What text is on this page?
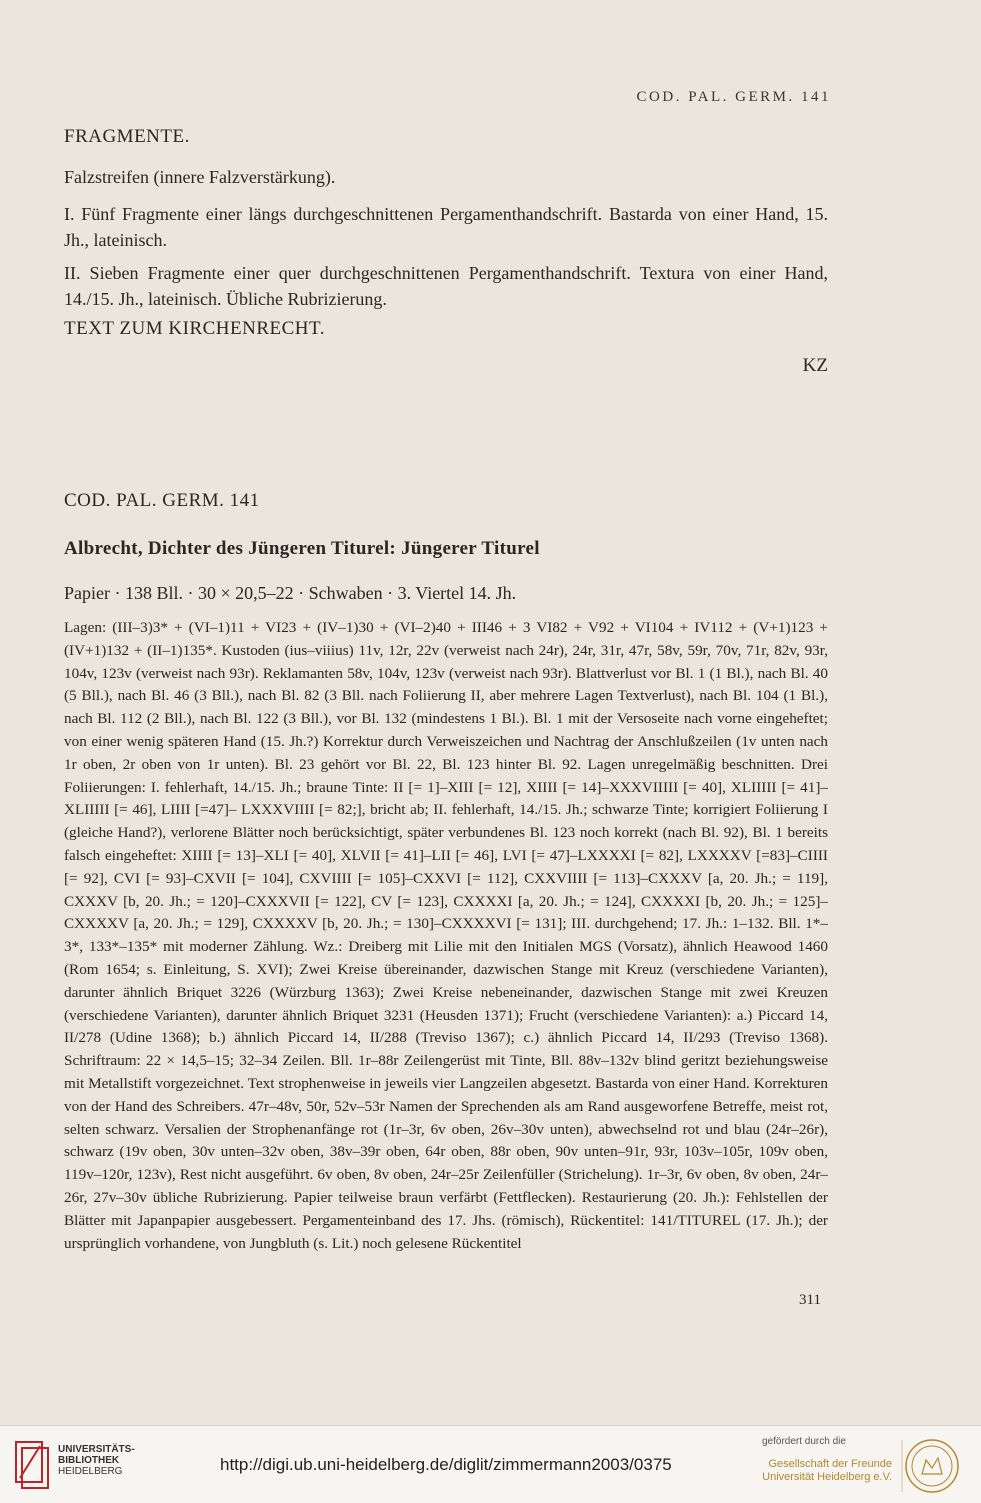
COD. PAL. GERM. 141
FRAGMENTE.
Falzstreifen (innere Falzverstärkung).
I. Fünf Fragmente einer längs durchgeschnittenen Pergamenthandschrift. Bastarda von einer Hand, 15. Jh., lateinisch.
II. Sieben Fragmente einer quer durchgeschnittenen Pergamenthandschrift. Textura von einer Hand, 14./15. Jh., lateinisch. Übliche Rubrizierung.
TEXT ZUM KIRCHENRECHT.
KZ
COD. PAL. GERM. 141
Albrecht, Dichter des Jüngeren Titurel: Jüngerer Titurel
Papier · 138 Bll. · 30 × 20,5–22 · Schwaben · 3. Viertel 14. Jh.
Lagen: (III–3)3* + (VI–1)11 + VI23 + (IV–1)30 + (VI–2)40 + III46 + 3 VI82 + V92 + VI104 + IV112 + (V+1)123 + (IV+1)132 + (II–1)135*. Kustoden (ius–viiius) 11v, 12r, 22v (verweist nach 24r), 24r, 31r, 47r, 58v, 59r, 70v, 71r, 82v, 93r, 104v, 123v (verweist nach 93r). Reklamanten 58v, 104v, 123v (verweist nach 93r). Blattverlust vor Bl. 1 (1 Bl.), nach Bl. 40 (5 Bll.), nach Bl. 46 (3 Bll.), nach Bl. 82 (3 Bll. nach Foliierung II, aber mehrere Lagen Textverlust), nach Bl. 104 (1 Bl.), nach Bl. 112 (2 Bll.), nach Bl. 122 (3 Bll.), vor Bl. 132 (mindestens 1 Bl.). Bl. 1 mit der Versoseite nach vorne eingeheftet; von einer wenig späteren Hand (15. Jh.?) Korrektur durch Verweiszeichen und Nachtrag der Anschlußzeilen (1v unten nach 1r oben, 2r oben von 1r unten). Bl. 23 gehört vor Bl. 22, Bl. 123 hinter Bl. 92. Lagen unregelmäßig beschnitten. Drei Foliierungen: I. fehlerhaft, 14./15. Jh.; braune Tinte: II [= 1]–XIII [= 12], XIIII [= 14]–XXXVIIIII [= 40], XLIIIII [= 41]–XLIIIII [= 46], LIIII [=47]– LXXXVIIII [= 82;], bricht ab; II. fehlerhaft, 14./15. Jh.; schwarze Tinte; korrigiert Foliierung I (gleiche Hand?), verlorene Blätter noch berücksichtigt, später verbundenes Bl. 123 noch korrekt (nach Bl. 92), Bl. 1 bereits falsch eingeheftet: XIIII [= 13]–XLI [= 40], XLVII [= 41]–LII [= 46], LVI [= 47]–LXXXXI [= 82], LXXXXV [=83]–CIIII [= 92], CVI [= 93]–CXVII [= 104], CXVIIII [= 105]–CXXVI [= 112], CXXVIIII [= 113]–CXXXV [a, 20. Jh.; = 119], CXXXV [b, 20. Jh.; = 120]–CXXXVII [= 122], CV [= 123], CXXXXI [a, 20. Jh.; = 124], CXXXXI [b, 20. Jh.; = 125]–CXXXXV [a, 20. Jh.; = 129], CXXXXV [b, 20. Jh.; = 130]–CXXXXVI [= 131]; III. durchgehend; 17. Jh.: 1–132. Bll. 1*–3*, 133*–135* mit moderner Zählung. Wz.: Dreiberg mit Lilie mit den Initialen MGS (Vorsatz), ähnlich Heawood 1460 (Rom 1654; s. Einleitung, S. XVI); Zwei Kreise übereinander, dazwischen Stange mit Kreuz (verschiedene Varianten), darunter ähnlich Briquet 3226 (Würzburg 1363); Zwei Kreise nebeneinander, dazwischen Stange mit zwei Kreuzen (verschiedene Varianten), darunter ähnlich Briquet 3231 (Heusden 1371); Frucht (verschiedene Varianten): a.) Piccard 14, II/278 (Udine 1368); b.) ähnlich Piccard 14, II/288 (Treviso 1367); c.) ähnlich Piccard 14, II/293 (Treviso 1368). Schriftraum: 22 × 14,5–15; 32–34 Zeilen. Bll. 1r–88r Zeilengerüst mit Tinte, Bll. 88v–132v blind geritzt beziehungsweise mit Metallstift vorgezeichnet. Text strophenweise in jeweils vier Langzeilen abgesetzt. Bastarda von einer Hand. Korrekturen von der Hand des Schreibers. 47r–48v, 50r, 52v–53r Namen der Sprechenden als am Rand ausgeworfene Betreffe, meist rot, selten schwarz. Versalien der Strophenanfänge rot (1r–3r, 6v oben, 26v–30v unten), abwechselnd rot und blau (24r–26r), schwarz (19v oben, 30v unten–32v oben, 38v–39r oben, 64r oben, 88r oben, 90v unten–91r, 93r, 103v–105r, 109v oben, 119v–120r, 123v), Rest nicht ausgeführt. 6v oben, 8v oben, 24r–25r Zeilenfüller (Strichelung). 1r–3r, 6v oben, 8v oben, 24r–26r, 27v–30v übliche Rubrizierung. Papier teilweise braun verfärbt (Fettflecken). Restaurierung (20. Jh.): Fehlstellen der Blätter mit Japanpapier ausgebessert. Pergamenteinband des 17. Jhs. (römisch), Rückentitel: 141/TITUREL (17. Jh.); der ursprünglich vorhandene, von Jungbluth (s. Lit.) noch gelesene Rückentitel
311
UNIVERSITÄTS-
BIBLIOTHEK
HEIDELBERG	http://digi.ub.uni-heidelberg.de/diglit/zimmermann2003/0375
gefördert durch die
Gesellschaft der Freunde
Universität Heidelberg e.V.
